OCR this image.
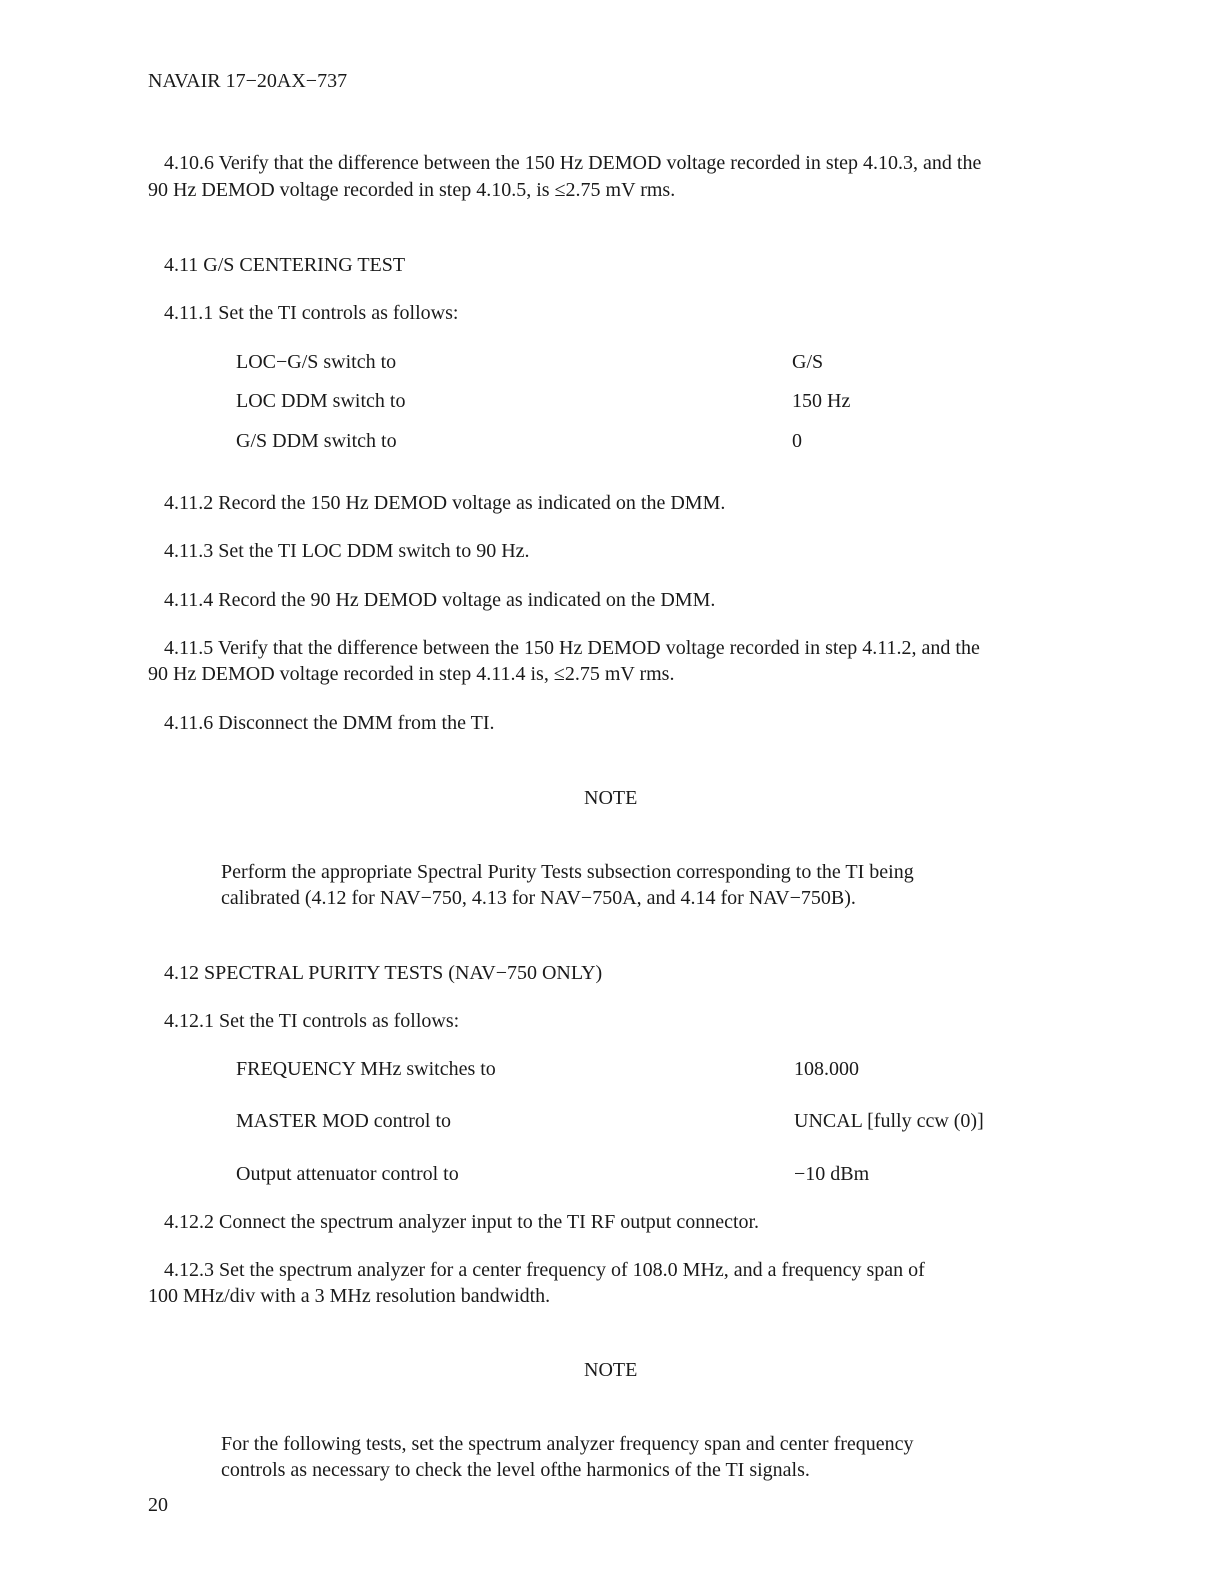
NAVAIR 17−20AX−737
4.10.6 Verify that the difference between the 150 Hz DEMOD voltage recorded in step 4.10.3, and the
90 Hz DEMOD voltage recorded in step 4.10.5, is ≤2.75 mV rms.
4.11 G/S CENTERING TEST
4.11.1 Set the TI controls as follows:
LOC−G/S switch to	G/S
LOC DDM switch to	150 Hz
G/S DDM switch to	0
4.11.2 Record the 150 Hz DEMOD voltage as indicated on the DMM.
4.11.3 Set the TI LOC DDM switch to 90 Hz.
4.11.4 Record the 90 Hz DEMOD voltage as indicated on the DMM.
4.11.5 Verify that the difference between the 150 Hz DEMOD voltage recorded in step 4.11.2, and the
90 Hz DEMOD voltage recorded in step 4.11.4 is, ≤2.75 mV rms.
4.11.6 Disconnect the DMM from the TI.
NOTE
Perform the appropriate Spectral Purity Tests subsection corresponding to the TI being
calibrated (4.12 for NAV−750, 4.13 for NAV−750A, and 4.14 for NAV−750B).
4.12 SPECTRAL PURITY TESTS (NAV−750 ONLY)
4.12.1 Set the TI controls as follows:
FREQUENCY MHz switches to	108.000
MASTER MOD control to	UNCAL [fully ccw (0)]
Output attenuator control to	−10 dBm
4.12.2 Connect the spectrum analyzer input to the TI RF output connector.
4.12.3 Set the spectrum analyzer for a center frequency of 108.0 MHz, and a frequency span of
100 MHz/div with a 3 MHz resolution bandwidth.
NOTE
For the following tests, set the spectrum analyzer frequency span and center frequency
controls as necessary to check the level ofthe harmonics of the TI signals.
20
